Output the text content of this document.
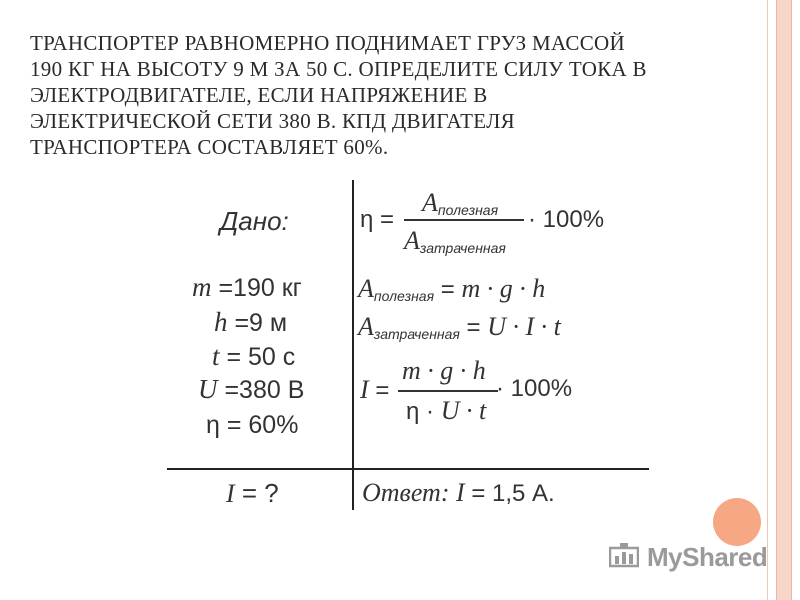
ТРАНСПОРТЕР РАВНОМЕРНО ПОДНИМАЕТ ГРУЗ МАССОЙ
190 КГ НА ВЫСОТУ 9 М ЗА 50 С. ОПРЕДЕЛИТЕ СИЛУ ТОКА В
ЭЛЕКТРОДВИГАТЕЛЕ, ЕСЛИ НАПРЯЖЕНИЕ В
ЭЛЕКТРИЧЕСКОЙ СЕТИ 380 В. КПД ДВИГАТЕЛЯ
ТРАНСПОРТЕРА СОСТАВЛЯЕТ 60%.
Дано:
m =190 кг
h =9 м
t = 50 с
U =380 В
η = 60%
η =
$A_{полезная}$
$A_{затраченная}$
· 100%
$A_{полезная} = m \cdot g \cdot h$
$A_{затраченная} = U \cdot I \cdot t$
I =
m · g · h
η · U · t
· 100%
I = ?	Ответ: I = 1,5 А.
MyShared
